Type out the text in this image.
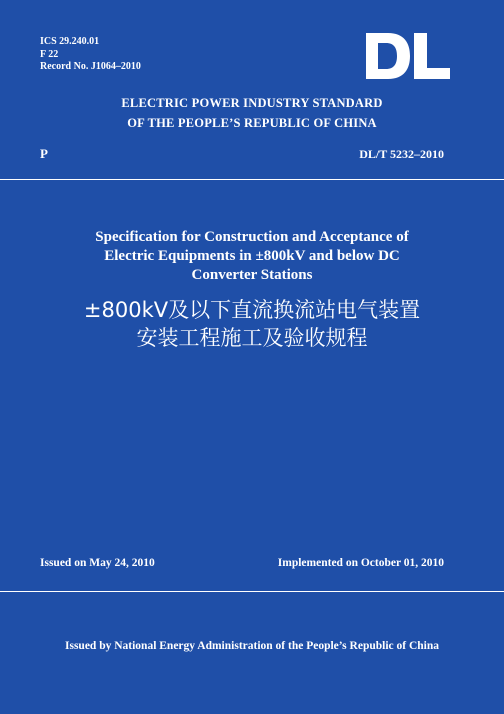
ICS 29.240.01
F 22
Record No. J1064–2010
ELECTRIC POWER INDUSTRY STANDARD
OF THE PEOPLE’S REPUBLIC OF CHINA
P	DL/T 5232–2010
Specification for Construction and Acceptance of
Electric Equipments in ±800kV and below DC
Converter Stations
±800kV及以下直流换流站电气装置
安装工程施工及验收规程
Issued on May 24, 2010	Implemented on October 01, 2010
Issued by National Energy Administration of the People’s Republic of China
